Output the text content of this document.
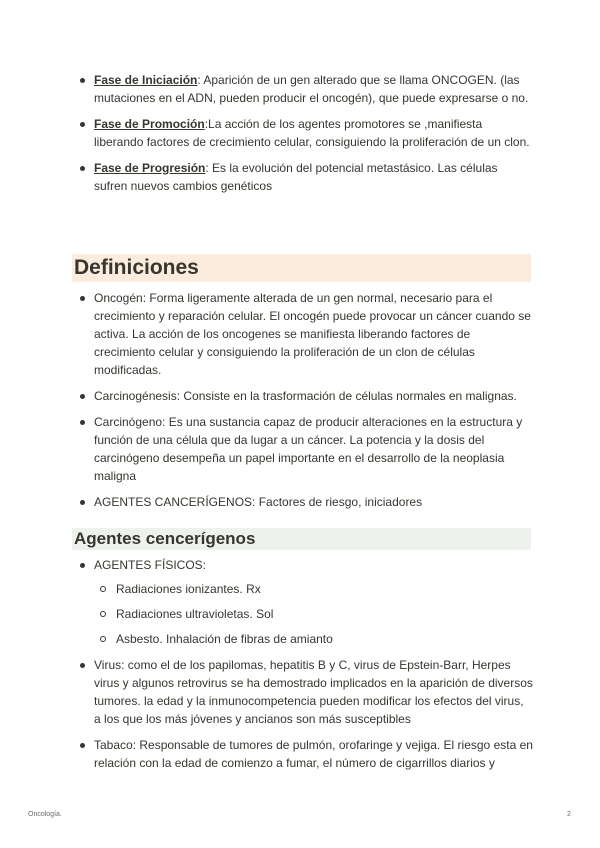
Fase de Iniciación: Aparición de un gen alterado que se llama ONCOGEN. (las mutaciones en el ADN, pueden producir el oncogén), que puede expresarse o no.
Fase de Promoción:La acción de los agentes promotores se ,manifiesta liberando factores de crecimiento celular, consiguiendo la proliferación de un clon.
Fase de Progresión: Es la evolución del potencial metastásico. Las células sufren nuevos cambios genéticos
Definiciones
Oncogén: Forma ligeramente alterada de un gen normal, necesario para el crecimiento y reparación celular. El oncogén puede provocar un cáncer cuando se activa. La acción de los oncogenes se manifiesta liberando factores de crecimiento celular y consiguiendo la proliferación de un clon de células modificadas.
Carcinogénesis: Consiste en la trasformación de células normales en malignas.
Carcinógeno: Es una sustancia capaz de producir alteraciones en la estructura y función de una célula que da lugar a un cáncer. La potencia y la dosis del carcinógeno desempeña un papel importante en el desarrollo de la neoplasia maligna
AGENTES CANCERÍGENOS: Factores de riesgo, iniciadores
Agentes cencerígenos
AGENTES FÍSICOS:
Radiaciones ionizantes. Rx
Radiaciones ultravioletas. Sol
Asbesto. Inhalación de fibras de amianto
Virus: como el de los papilomas, hepatitis B y C, virus de Epstein-Barr, Herpes virus y algunos retrovirus se ha demostrado implicados en la aparición de diversos tumores. la edad y la inmunocompetencia pueden modificar los efectos del virus, a los que los más jóvenes y ancianos son más susceptibles
Tabaco: Responsable de tumores de pulmón, orofaringe y vejiga. El riesgo esta en relación con la edad de comienzo a fumar, el número de cigarrillos diarios y
Oncología.	2
